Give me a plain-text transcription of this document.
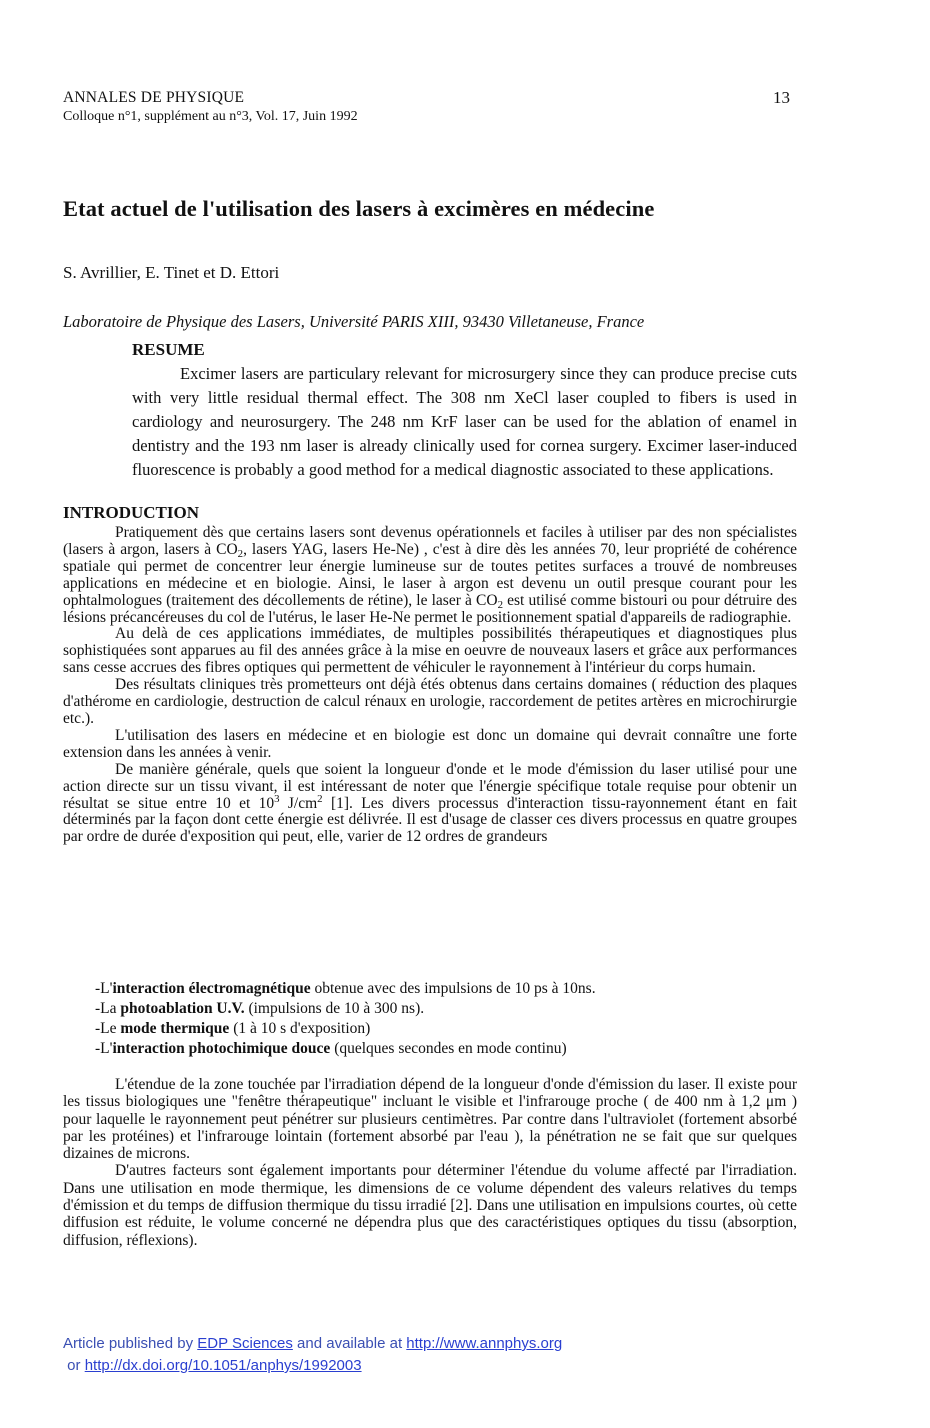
ANNALES DE PHYSIQUE
Colloque n°1, supplément au n°3, Vol. 17, Juin 1992
13
Etat actuel de l'utilisation des lasers à excimères en médecine
S. Avrillier, E. Tinet et D. Ettori
Laboratoire de Physique des Lasers, Université PARIS XIII, 93430 Villetaneuse, France
RESUME

Excimer lasers are particulary relevant for microsurgery since they can produce precise cuts with very little residual thermal effect. The 308 nm XeCl laser coupled to fibers is used in cardiology and neurosurgery. The 248 nm KrF laser can be used for the ablation of enamel in dentistry and the 193 nm laser is already clinically used for cornea surgery. Excimer laser-induced fluorescence is probably a good method for a medical diagnostic associated to these applications.

INTRODUCTION

Pratiquement dès que certains lasers sont devenus opérationnels et faciles à utiliser par des non spécialistes (lasers à argon, lasers à $CO_2$, lasers YAG, lasers He-Ne) , c'est à dire dès les années 70, leur propriété de cohérence spatiale qui permet de concentrer leur énergie lumineuse sur de toutes petites surfaces a trouvé de nombreuses applications en médecine et en biologie. Ainsi, le laser à argon est devenu un outil presque courant pour les ophtalmologues (traitement des décollements de rétine), le laser à $CO_2$ est utilisé comme bistouri ou pour détruire des lésions précancéreuses du col de l'utérus, le laser He-Ne permet le positionnement spatial d'appareils de radiographie.

Au delà de ces applications immédiates, de multiples possibilités thérapeutiques et diagnostiques plus sophistiquées sont apparues au fil des années grâce à la mise en oeuvre de nouveaux lasers et grâce aux performances sans cesse accrues des fibres optiques qui permettent de véhiculer le rayonnement à l'intérieur du corps humain.

Des résultats cliniques très prometteurs ont déjà étés obtenus dans certains domaines ( réduction des plaques d'athérome en cardiologie, destruction de calcul rénaux en urologie, raccordement de petites artères en microchirurgie etc.).

L'utilisation des lasers en médecine et en biologie est donc un domaine qui devrait connaître une forte extension dans les années à venir.

De manière générale, quels que soient la longueur d'onde et le mode d'émission du laser utilisé pour une action directe sur un tissu vivant, il est intéressant de noter que l'énergie spécifique totale requise pour obtenir un résultat se situe entre 10 et $10^3$ $J/cm^2$ [1]. Les divers processus d'interaction tissu-rayonnement étant en fait déterminés par la façon dont cette énergie est délivrée. Il est d'usage de classer ces divers processus en quatre groupes par ordre de durée d'exposition qui peut, elle, varier de 12 ordres de grandeurs

-L'interaction électromagnétique obtenue avec des impulsions de 10 ps à 10ns.
-La photoablation U.V. (impulsions de 10 à 300 ns).
-Le mode thermique (1 à 10 s d'exposition)
-L'interaction photochimique douce (quelques secondes en mode continu)

L'étendue de la zone touchée par l'irradiation dépend de la longueur d'onde d'émission du laser. Il existe pour les tissus biologiques une "fenêtre thérapeutique" incluant le visible et l'infrarouge proche ( de 400 nm à 1,2 μm ) pour laquelle le rayonnement peut pénétrer sur plusieurs centimètres. Par contre dans l'ultraviolet (fortement absorbé par les protéines) et l'infrarouge lointain (fortement absorbé par l'eau ), la pénétration ne se fait que sur quelques dizaines de microns.

D'autres facteurs sont également importants pour déterminer l'étendue du volume affecté par l'irradiation. Dans une utilisation en mode thermique, les dimensions de ce volume dépendent des valeurs relatives du temps d'émission et du temps de diffusion thermique du tissu irradié [2]. Dans une utilisation en impulsions courtes, où cette diffusion est réduite, le volume concerné ne dépendra plus que des caractéristiques optiques du tissu (absorption, diffusion, réflexions).

Article published by EDP Sciences and available at http://www.annphys.org
or http://dx.doi.org/10.1051/anphys/1992003
